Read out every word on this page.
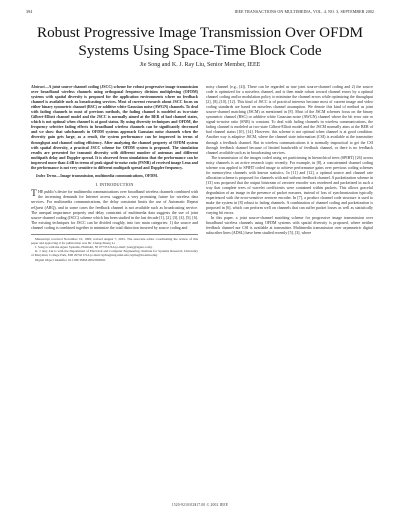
394	IEEE TRANSACTIONS ON MULTIMEDIA, VOL. 4, NO. 3, SEPTEMBER 2002
Robust Progressive Image Transmission Over OFDM Systems Using Space-Time Block Code
Jie Song and K. J. Ray Liu, Senior Member, IEEE

Abstract—A joint source-channel coding (JSCC) scheme for robust progressive image transmission over broadband wireless channels using orthogonal frequency division multiplexing (OFDM) systems with spatial diversity is proposed for the application environments where no feedback channel is available such as broadcasting services. Most of current research about JSCC focus on either binary symmetric channel (BSC) or additive white Gaussian noise (AWGN) channels. To deal with fading channels in most of previous methods, the fading channel is modeled as two-state Gilbert-Elliott channel model and the JSCC is normally aimed at the BER of bad channel states, which is not optimal when channel is at good status. By using diversity techniques and OFDM, the frequency selective fading effects in broadband wireless channels can be significantly decreased and we show that subchannels in OFDM systems approach Gaussian noise channels when the diversity gain gets large, as a result, the system performance can be improved in terms of throughput and channel coding efficiency. After analyzing the channel property of OFDM system with spatial diversity, a practical JSCC scheme for OFDM system is proposed. The simulation results are presented for transmit diversity with different number of antennas and different multipath delay and Doppler spread. It is observed from simulations that the performance can be improved more than 4 dB in terms of peak signal-to-noise ratio (PSNR) of received image Lena and the performance is not very sensitive to different multipath spread and Doppler frequency.

Index Terms—Image transmission, multimedia communications, OFDM.

I. INTRODUCTION

THE public's desire for multimedia communications over broadband wireless channels combined with the increasing demands for Internet access suggests a very promising future for wireless data services. For multimedia communications, the delay constraint limits the use of Automatic Repeat reQuest (ARQ), and in some cases the feedback channel is not available such as broadcasting service. The unequal importance property and delay constraint of multimedia data suggests the use of joint source-channel coding (JSCC) scheme which has been studied in the last decade [1], [2], [3], [4], [5], [6]. The existing techniques for JSCC can be divided roughly, into two main categories: 1) the source and channel coding is combined together to minimize the total distortion incurred by source coding and

Manuscript received November 10, 1999; revised August 7, 2001. The associate editor coordinating the review of this paper and approving it for publication was Dr. Chang-Sheng Li.

J. Song is with the Agere Systems, Holmdel, NJ 07733 USA (e-mail: jsong@agere.com).

K. J. Ray Liu is with the Department of Electrical and Computer Engineering, Institute for Systems Research, University of Maryland, College Park, MD 20742 USA (e-mail: kjrliu@eng.umd.edu; kjrliu@isr.umd.edu).

Digital Object Identifier 10.1109/TMM.2002.802845.

noisy channel (e.g., [4]). These can be regarded as true joint source-channel coding and 2) the source code is optimized for a noiseless channel, and is then made robust toward channel errors by a optimal channel coding and/or modulation policy to minimize the channel errors while optimizing the throughput [2], [8]–[10], [12]. This kind of JSCC is of practical interests because most of current image and video coding standards are based on noiseless channel assumption. We denote this kind of method as joint source-channel matching (JSCM) as mentioned in [8]. Most of the JSCM schemes focus on the binary symmetric channel (BSC) or additive white Gaussian noise (AWGN) channel where the bit error rate or signal-to-noise ratio (SNR) is constant. To deal with fading channels in wireless communications, the fading channel is modeled as two-state Gilbert-Elliott model and the JSCM normally aims at the BER of bad channel status [10], [14]. However, this scheme is not optimal when channel is at good condition. Another way is adaptive JSCM, where the channel state information (CSI) is available at the transmitter through a feedback channel. But in wireless communications it is normally impractical to get the CSI through feedback channel because of limited bandwidth of feedback channel, or there is no feedback channel available such as in broadcasting services.

The transmission of the images coded using set partitioning in hierarchical trees (SPIHT) [26] across noisy channels is an active research topic recently. For example, in [8], a concatenated channel coding scheme was applied to SPIHT coded image to achieve performance gains over previous coding schemes for memoryless channels with known statistics. In [11] and [12], a optimal source and channel rate allocation scheme is proposed for channels with and without feedback channel. A packetization scheme in [13] was proposed that the output bitstream of zerotree encoder was reordered and packetized in such a way that complete trees of wavelet coefficients were contained within packets. This allows graceful degradation of an image in the presence of packet erasures, instead of loss of synchronization typically experienced with the error-sensitive zerotree encoder. In [7], a product channel code structure is used to make the system in [8] robust to fading channels. A combination of channel coding and packetization is proposed in [6], which can perform well on channels that can suffer packet losses as well as statistically varying bit errors.

In this paper, a joint source-channel matching scheme for progressive image transmission over broadband wireless channels using OFDM systems with spatial diversity is proposed, where neither feedback channel nor CSI is available at transmitter. Multimedia transmission over asymmetric digital subscriber lines (ADSL) have been studied recently [5], [3], where

1520-9210/02$17.00 © 2002 IEEE
